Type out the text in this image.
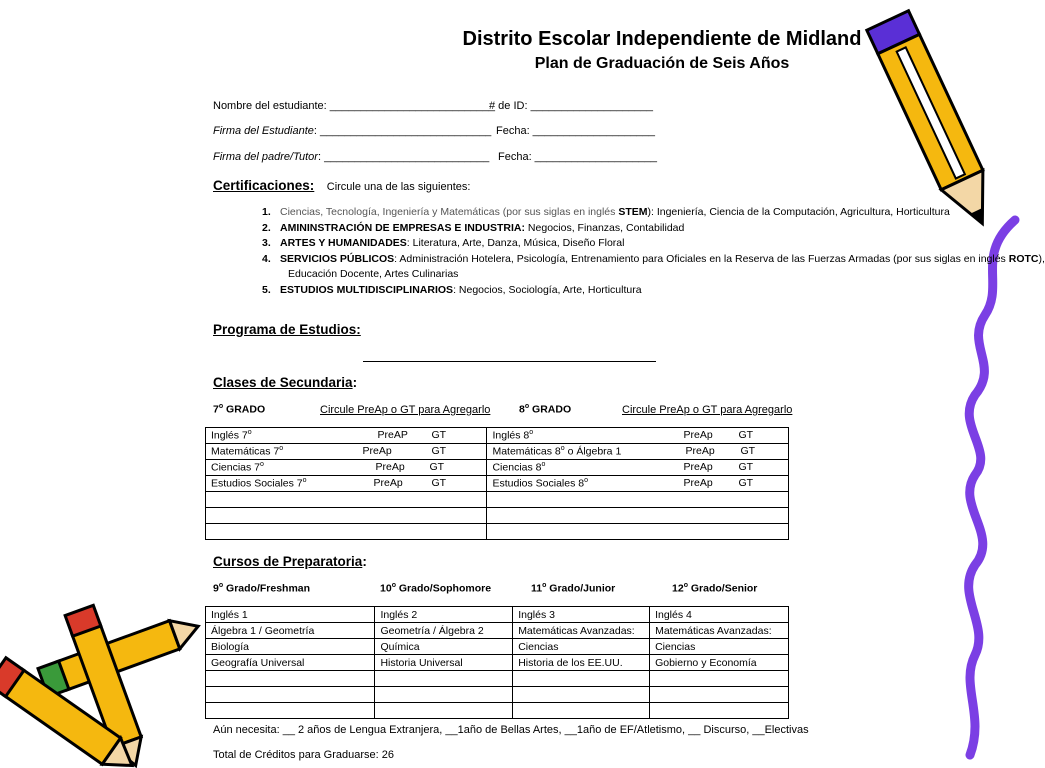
Distrito Escolar Independiente de Midland
Plan de Graduación de Seis Años
Nombre del estudiante: ___________________________
# de ID: ____________________
Firma del Estudiante: ____________________________ Fecha: ____________________
Firma del padre/Tutor: ___________________________ Fecha: ____________________
Certificaciones: Circule una de las siguientes:
1. Ciencias, Tecnología, Ingeniería y Matemáticas (por sus siglas en inglés STEM): Ingeniería, Ciencia de la Computación, Agricultura, Horticultura
2. AMININSTRACIÓN DE EMPRESAS E INDUSTRIA: Negocios, Finanzas, Contabilidad
3. ARTES Y HUMANIDADES: Literatura, Arte, Danza, Música, Diseño Floral
4. SERVICIOS PÚBLICOS: Administración Hotelera, Psicología, Entrenamiento para Oficiales en la Reserva de las Fuerzas Armadas (por sus siglas en inglés ROTC),
Educación Docente, Artes Culinarias
5. ESTUDIOS MULTIDISCIPLINARIOS: Negocios, Sociología, Arte, Horticultura
Programa de Estudios:
Clases de Secundaria:
7$^o$ GRADO	Circule PreAp o GT para Agregarlo	8$^o$ GRADO	Circule PreAp o GT para Agregarlo
Inglés 7$^o$ PreAP GT	Inglés 8$^o$ PreAp GT

Matemáticas 7$^o$ PreAp GT	Matemáticas 8$^o$ o Álgebra 1 PreAp GT

Ciencias 7$^o$ PreAp GT	Ciencias 8$^o$ PreAp GT

Estudios Sociales 7$^o$ PreAp GT	Estudios Sociales 8$^o$ PreAp GT

Cursos de Preparatoria:
9$^o$ Grado/Freshman	10$^o$ Grado/Sophomore	11$^o$ Grado/Junior	12$^o$ Grado/Senior
Inglés 1	Inglés 2	Inglés 3	Inglés 4
Álgebra 1 / Geometría	Geometría / Álgebra 2	Matemáticas Avanzadas:	Matemáticas Avanzadas:
Biología	Química	Ciencias	Ciencias
Geografía Universal	Historia Universal	Historia de los EE.UU.	Gobierno y Economía

Aún necesita: __ 2 años de Lengua Extranjera, __1año de Bellas Artes, __1año de EF/Atletismo, __ Discurso, __Electivas
Total de Créditos para Graduarse: 26
